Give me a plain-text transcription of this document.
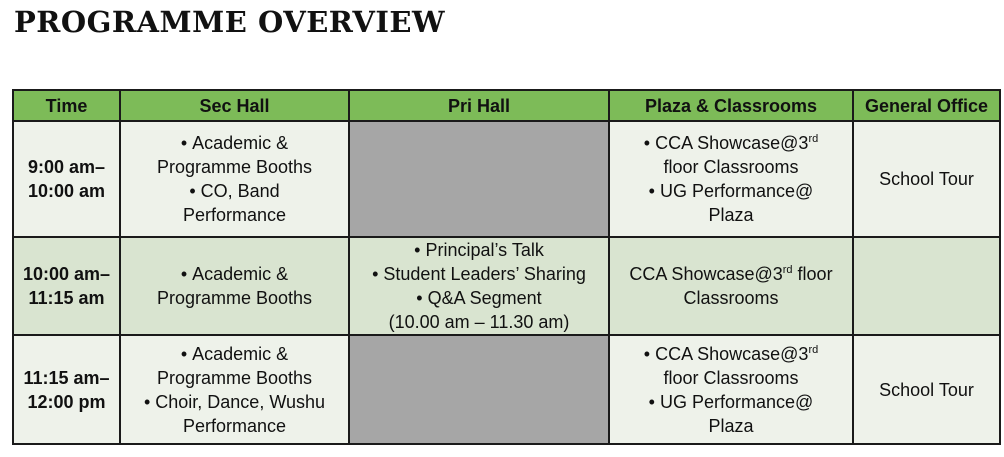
PROGRAMME OVERVIEW
Time	Sec Hall	Pri Hall	Plaza & Classrooms	General Office

9:00 am–
10:00 am	• Academic &
Programme Booths
• CO, Band
Performance		• CCA Showcase@3rd
floor Classrooms
• UG Performance@
Plaza	School Tour

10:00 am–
11:15 am	• Academic &
Programme Booths	• Principal’s Talk
• Student Leaders’ Sharing
• Q&A Segment
(10.00 am – 11.30 am)	CCA Showcase@3rd floor
Classrooms	

11:15 am–
12:00 pm	• Academic &
Programme Booths
• Choir, Dance, Wushu
Performance		• CCA Showcase@3rd
floor Classrooms
• UG Performance@
Plaza	School Tour
